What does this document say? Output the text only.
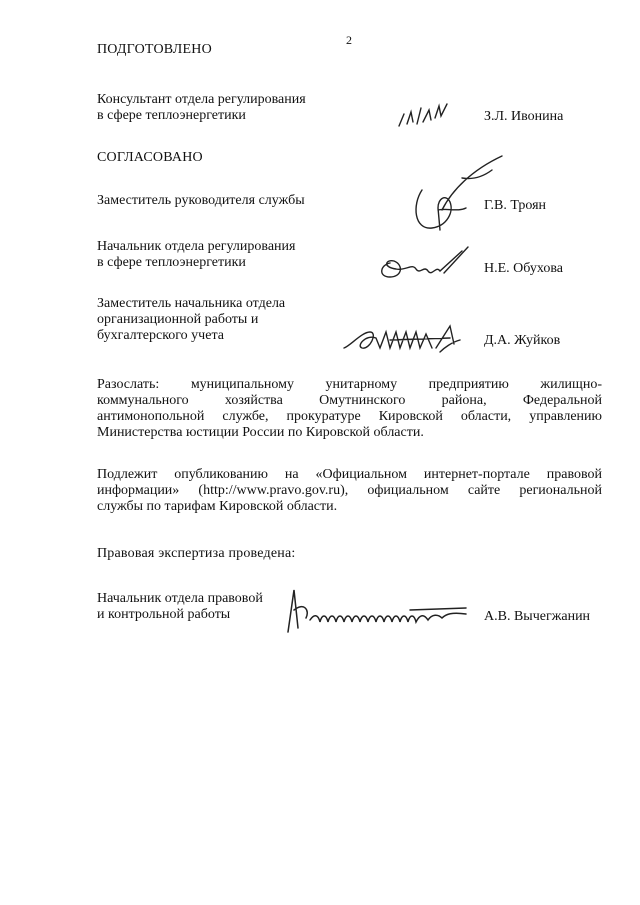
2
ПОДГОТОВЛЕНО
Консультант отдела регулирования
в сфере теплоэнергетики	З.Л. Ивонина
СОГЛАСОВАНО
Заместитель руководителя службы	Г.В. Троян
Начальник отдела регулирования
в сфере теплоэнергетики	Н.Е. Обухова
Заместитель начальника отдела
организационной работы и
бухгалтерского учета	Д.А. Жуйков
Разослать: муниципальному унитарному предприятию жилищно-
коммунального хозяйства Омутнинского района, Федеральной
антимонопольной службе, прокуратуре Кировской области, управлению
Министерства юстиции России по Кировской области.
Подлежит опубликованию на «Официальном интернет-портале правовой
информации» (http://www.pravo.gov.ru), официальном сайте региональной
службы по тарифам Кировской области.
Правовая экспертиза проведена:
Начальник отдела правовой
и контрольной работы	А.В. Вычегжанин
